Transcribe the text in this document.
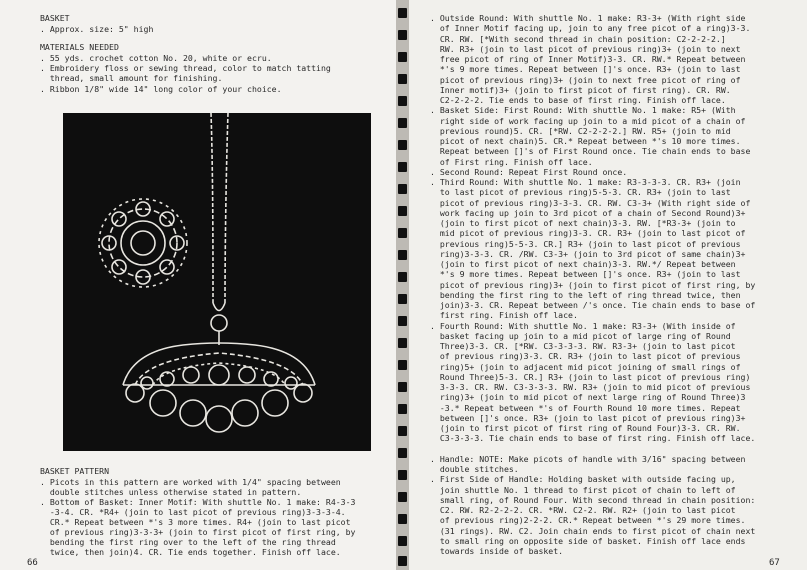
BASKET
. Approx. size: 5" high
MATERIALS NEEDED
. 55 yds. crochet cotton No. 20, white or ecru.
. Embroidery floss or sewing thread, color to match tatting
thread, small amount for finishing.
. Ribbon 1/8" wide 14" long color of your choice.
BASKET PATTERN
. Picots in this pattern are worked with 1/4" spacing between
double stitches unless otherwise stated in pattern.
. Bottom of Basket: Inner Motif: With shuttle No. 1 make: R4-3-3
-3-4. CR. *R4+ (join to last picot of previous ring)3-3-3-4.
CR.* Repeat between *'s 3 more times. R4+ (join to last picot
of previous ring)3-3-3+ (join to first picot of first ring, by
bending the first ring over to the left of the ring thread
twice, then join)4. CR. Tie ends together. Finish off lace.
66
. Outside Round: With shuttle No. 1 make: R3-3+ (With right side
of Inner Motif facing up, join to any free picot of a ring)3-3.
CR. RW. [*With second thread in chain position: C2-2-2-2.]
RW. R3+ (join to last picot of previous ring)3+ (join to next
free picot of ring of Inner Motif)3-3. CR. RW.* Repeat between
*'s 9 more times. Repeat between []'s once. R3+ (join to last
picot of previous ring)3+ (join to next free picot of ring of
Inner motif)3+ (join to first picot of first ring). CR. RW.
C2-2-2-2. Tie ends to base of first ring. Finish off lace.
. Basket Side: First Round: With shuttle No. 1 make: R5+ (With
right side of work facing up join to a mid picot of a chain of
previous round)5. CR. [*RW. C2-2-2-2.] RW. R5+ (join to mid
picot of next chain)5. CR.* Repeat between *'s 10 more times.
Repeat between []'s of First Round once. Tie chain ends to base
of First ring. Finish off lace.
. Second Round: Repeat First Round once.
. Third Round: With shuttle No. 1 make: R3-3-3-3. CR. R3+ (join
to last picot of previous ring)5-5-3. CR. R3+ (join to last
picot of previous ring)3-3-3. CR. RW. C3-3+ (With right side of
work facing up join to 3rd picot of a chain of Second Round)3+
(join to first picot of next chain)3-3. RW. [*R3-3+ (join to
mid picot of previous ring)3-3. CR. R3+ (join to last picot of
previous ring)5-5-3. CR.] R3+ (join to last picot of previous
ring)3-3-3. CR. /RW. C3-3+ (join to 3rd picot of same chain)3+
(join to first picot of next chain)3-3. RW.*/ Repeat between
*'s 9 more times. Repeat between []'s once. R3+ (join to last
picot of previous ring)3+ (join to first picot of first ring, by
bending the first ring to the left of ring thread twice, then
join)3-3. CR. Repeat between /'s once. Tie chain ends to base of
first ring. Finish off lace.
. Fourth Round: With shuttle No. 1 make: R3-3+ (With inside of
basket facing up join to a mid picot of large ring of Round
Three)3-3. CR. [*RW. C3-3-3-3. RW. R3-3+ (join to last picot
of previous ring)3-3. CR. R3+ (join to last picot of previous
ring)5+ (join to adjacent mid picot joining of small rings of
Round Three)5-3. CR.] R3+ (join to last picot of previous ring)
3-3-3. CR. RW. C3-3-3-3. RW. R3+ (join to mid picot of previous
ring)3+ (join to mid picot of next large ring of Round Three)3
-3.* Repeat between *'s of Fourth Round 10 more times. Repeat
between []'s once. R3+ (join to last picot of previous ring)3+
(join to first picot of first ring of Round Four)3-3. CR. RW.
C3-3-3-3. Tie chain ends to base of first ring. Finish off lace.
. Handle: NOTE: Make picots of handle with 3/16" spacing between
double stitches.
. First Side of Handle: Holding basket with outside facing up,
join shuttle No. 1 thread to first picot of chain to left of
small ring, of Round Four. With second thread in chain position:
C2. RW. R2-2-2-2. CR. *RW. C2-2. RW. R2+ (join to last picot
of previous ring)2-2-2. CR.* Repeat between *'s 29 more times.
(31 rings). RW. C2. Join chain ends to first picot of chain next
to small ring on opposite side of basket. Finish off lace ends
towards inside of basket.
67
